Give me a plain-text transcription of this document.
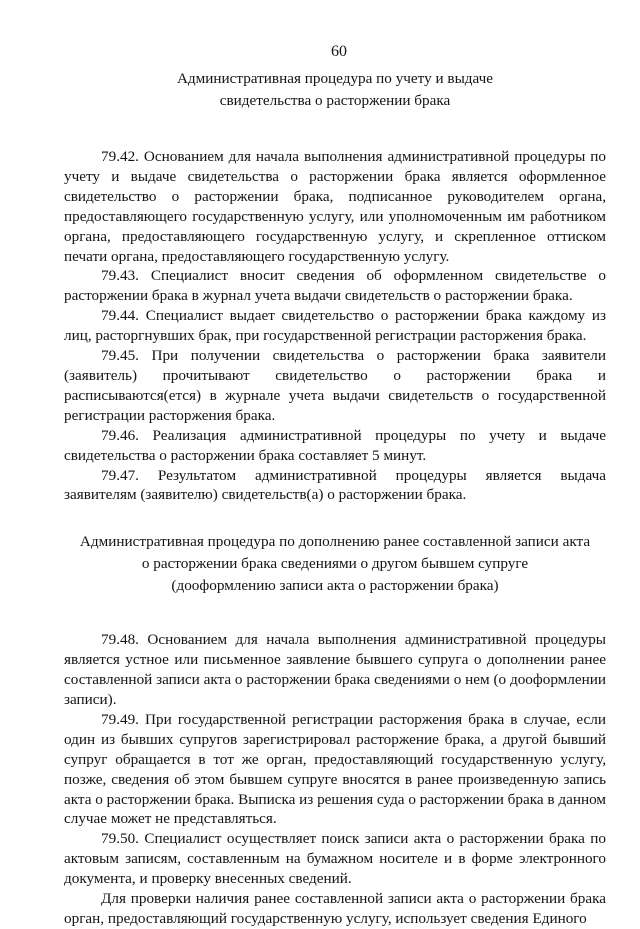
60
Административная процедура по учету и выдаче
свидетельства о расторжении брака

79.42. Основанием для начала выполнения административной процедуры по учету и выдаче свидетельства о расторжении брака является оформленное свидетельство о расторжении брака, подписанное руководителем органа, предоставляющего государственную услугу, или уполномоченным им работником органа, предоставляющего государственную услугу, и скрепленное оттиском печати органа, предоставляющего государственную услугу.

79.43. Специалист вносит сведения об оформленном свидетельстве о расторжении брака в журнал учета выдачи свидетельств о расторжении брака.

79.44. Специалист выдает свидетельство о расторжении брака каждому из лиц, расторгнувших брак, при государственной регистрации расторжения брака.

79.45. При получении свидетельства о расторжении брака заявители (заявитель) прочитывают свидетельство о расторжении брака и расписываются(ется) в журнале учета выдачи свидетельств о государственной регистрации расторжения брака.

79.46. Реализация административной процедуры по учету и выдаче свидетельства о расторжении брака составляет 5 минут.

79.47. Результатом административной процедуры является выдача заявителям (заявителю) свидетельств(а) о расторжении брака.

Административная процедура по дополнению ранее составленной записи акта
о расторжении брака сведениями о другом бывшем супруге
(дооформлению записи акта о расторжении брака)

79.48. Основанием для начала выполнения административной процедуры является устное или письменное заявление бывшего супруга о дополнении ранее составленной записи акта о расторжении брака сведениями о нем (о дооформлении записи).

79.49. При государственной регистрации расторжения брака в случае, если один из бывших супругов зарегистрировал расторжение брака, а другой бывший супруг обращается в тот же орган, предоставляющий государственную услугу, позже, сведения об этом бывшем супруге вносятся в ранее произведенную запись акта о расторжении брака. Выписка из решения суда о расторжении брака в данном случае может не представляться.

79.50. Специалист осуществляет поиск записи акта о расторжении брака по актовым записям, составленным на бумажном носителе и в форме электронного документа, и проверку внесенных сведений.

Для проверки наличия ранее составленной записи акта о расторжении брака орган, предоставляющий государственную услугу, использует сведения Единого
